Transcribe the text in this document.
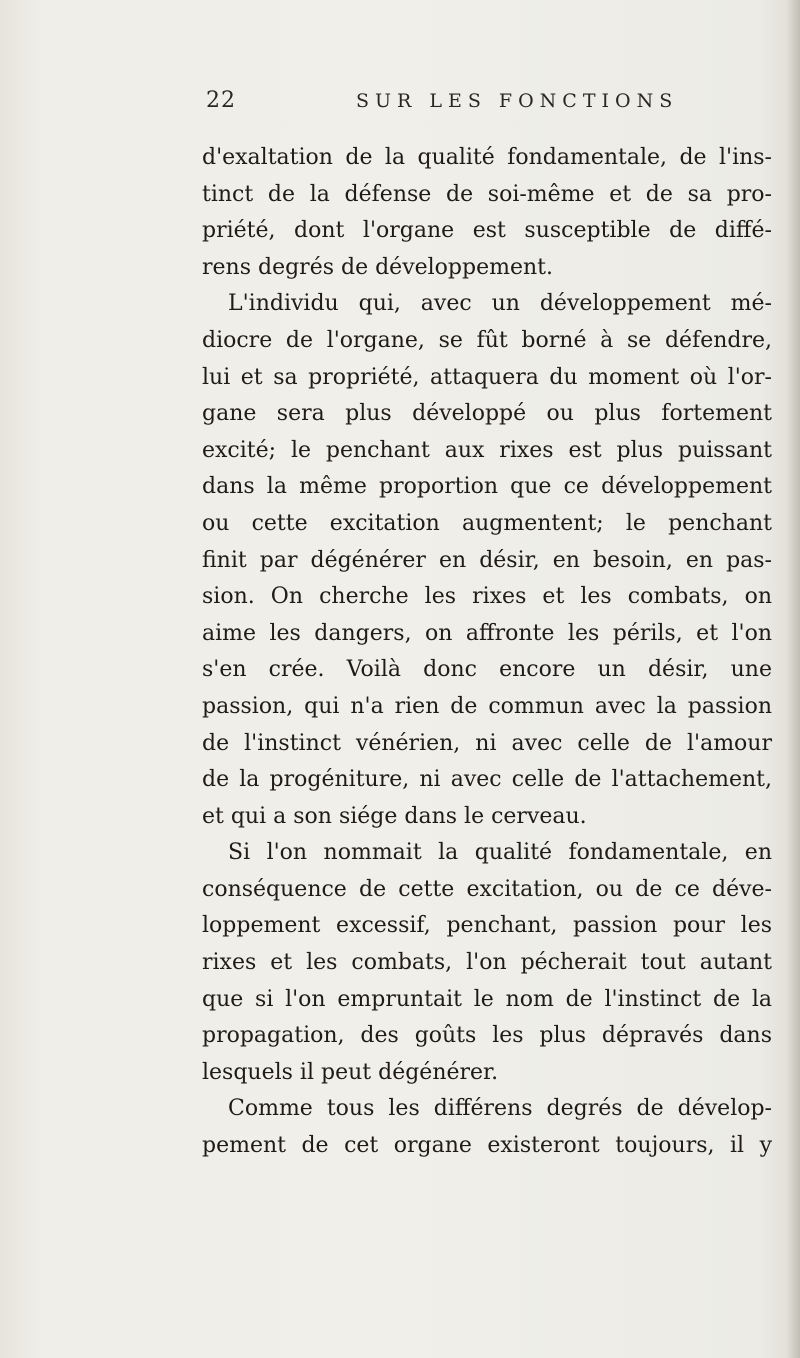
22	SUR LES FONCTIONS
d'exaltation de la qualité fondamentale, de l'ins-
tinct de la défense de soi-même et de sa pro-
priété, dont l'organe est susceptible de diffé-
rens degrés de développement.
L'individu qui, avec un développement mé-
diocre de l'organe, se fût borné à se défendre,
lui et sa propriété, attaquera du moment où l'or-
gane sera plus développé ou plus fortement
excité; le penchant aux rixes est plus puissant
dans la même proportion que ce développement
ou cette excitation augmentent; le penchant
finit par dégénérer en désir, en besoin, en pas-
sion. On cherche les rixes et les combats, on
aime les dangers, on affronte les périls, et l'on
s'en crée. Voilà donc encore un désir, une
passion, qui n'a rien de commun avec la passion
de l'instinct vénérien, ni avec celle de l'amour
de la progéniture, ni avec celle de l'attachement,
et qui a son siége dans le cerveau.
Si l'on nommait la qualité fondamentale, en
conséquence de cette excitation, ou de ce déve-
loppement excessif, penchant, passion pour les
rixes et les combats, l'on pécherait tout autant
que si l'on empruntait le nom de l'instinct de la
propagation, des goûts les plus dépravés dans
lesquels il peut dégénérer.
Comme tous les différens degrés de dévelop-
pement de cet organe existeront toujours, il y
